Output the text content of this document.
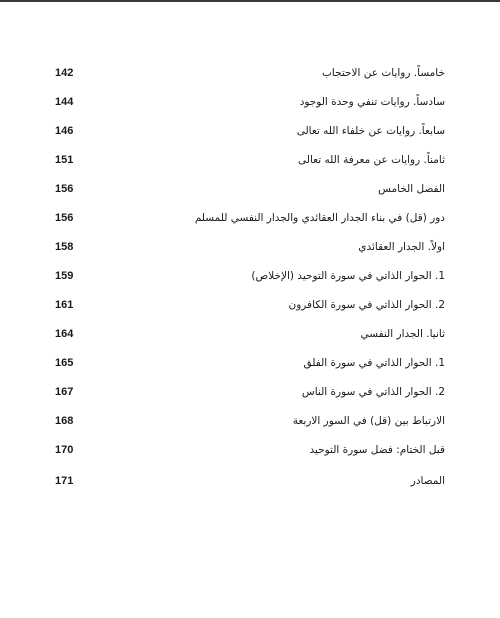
142	خامساً. روايات عن الاحتجاب
144	سادساً. روايات تنفي وحدة الوجود
146	سابعاً. روايات عن خلفاء الله تعالى
151	ثامناً. روايات عن معرفة الله تعالى
156	الفصل الخامس
156	دور (قل) في بناء الجدار العقائدي والجدار النفسي للمسلم
158	اولاً. الجدار العقائدي
159	1. الحوار الذاتي في سورة التوحيد (الإخلاص)
161	2. الحوار الذاتي في سورة الكافرون
164	ثانيا. الجدار النفسي
165	1. الحوار الذاتي في سورة الفلق
167	2. الحوار الذاتي في سورة الناس
168	الارتباط بين (قل) في السور الاربعة
170	قبل الختام: فضل سورة التوحيد
171	المصادر
